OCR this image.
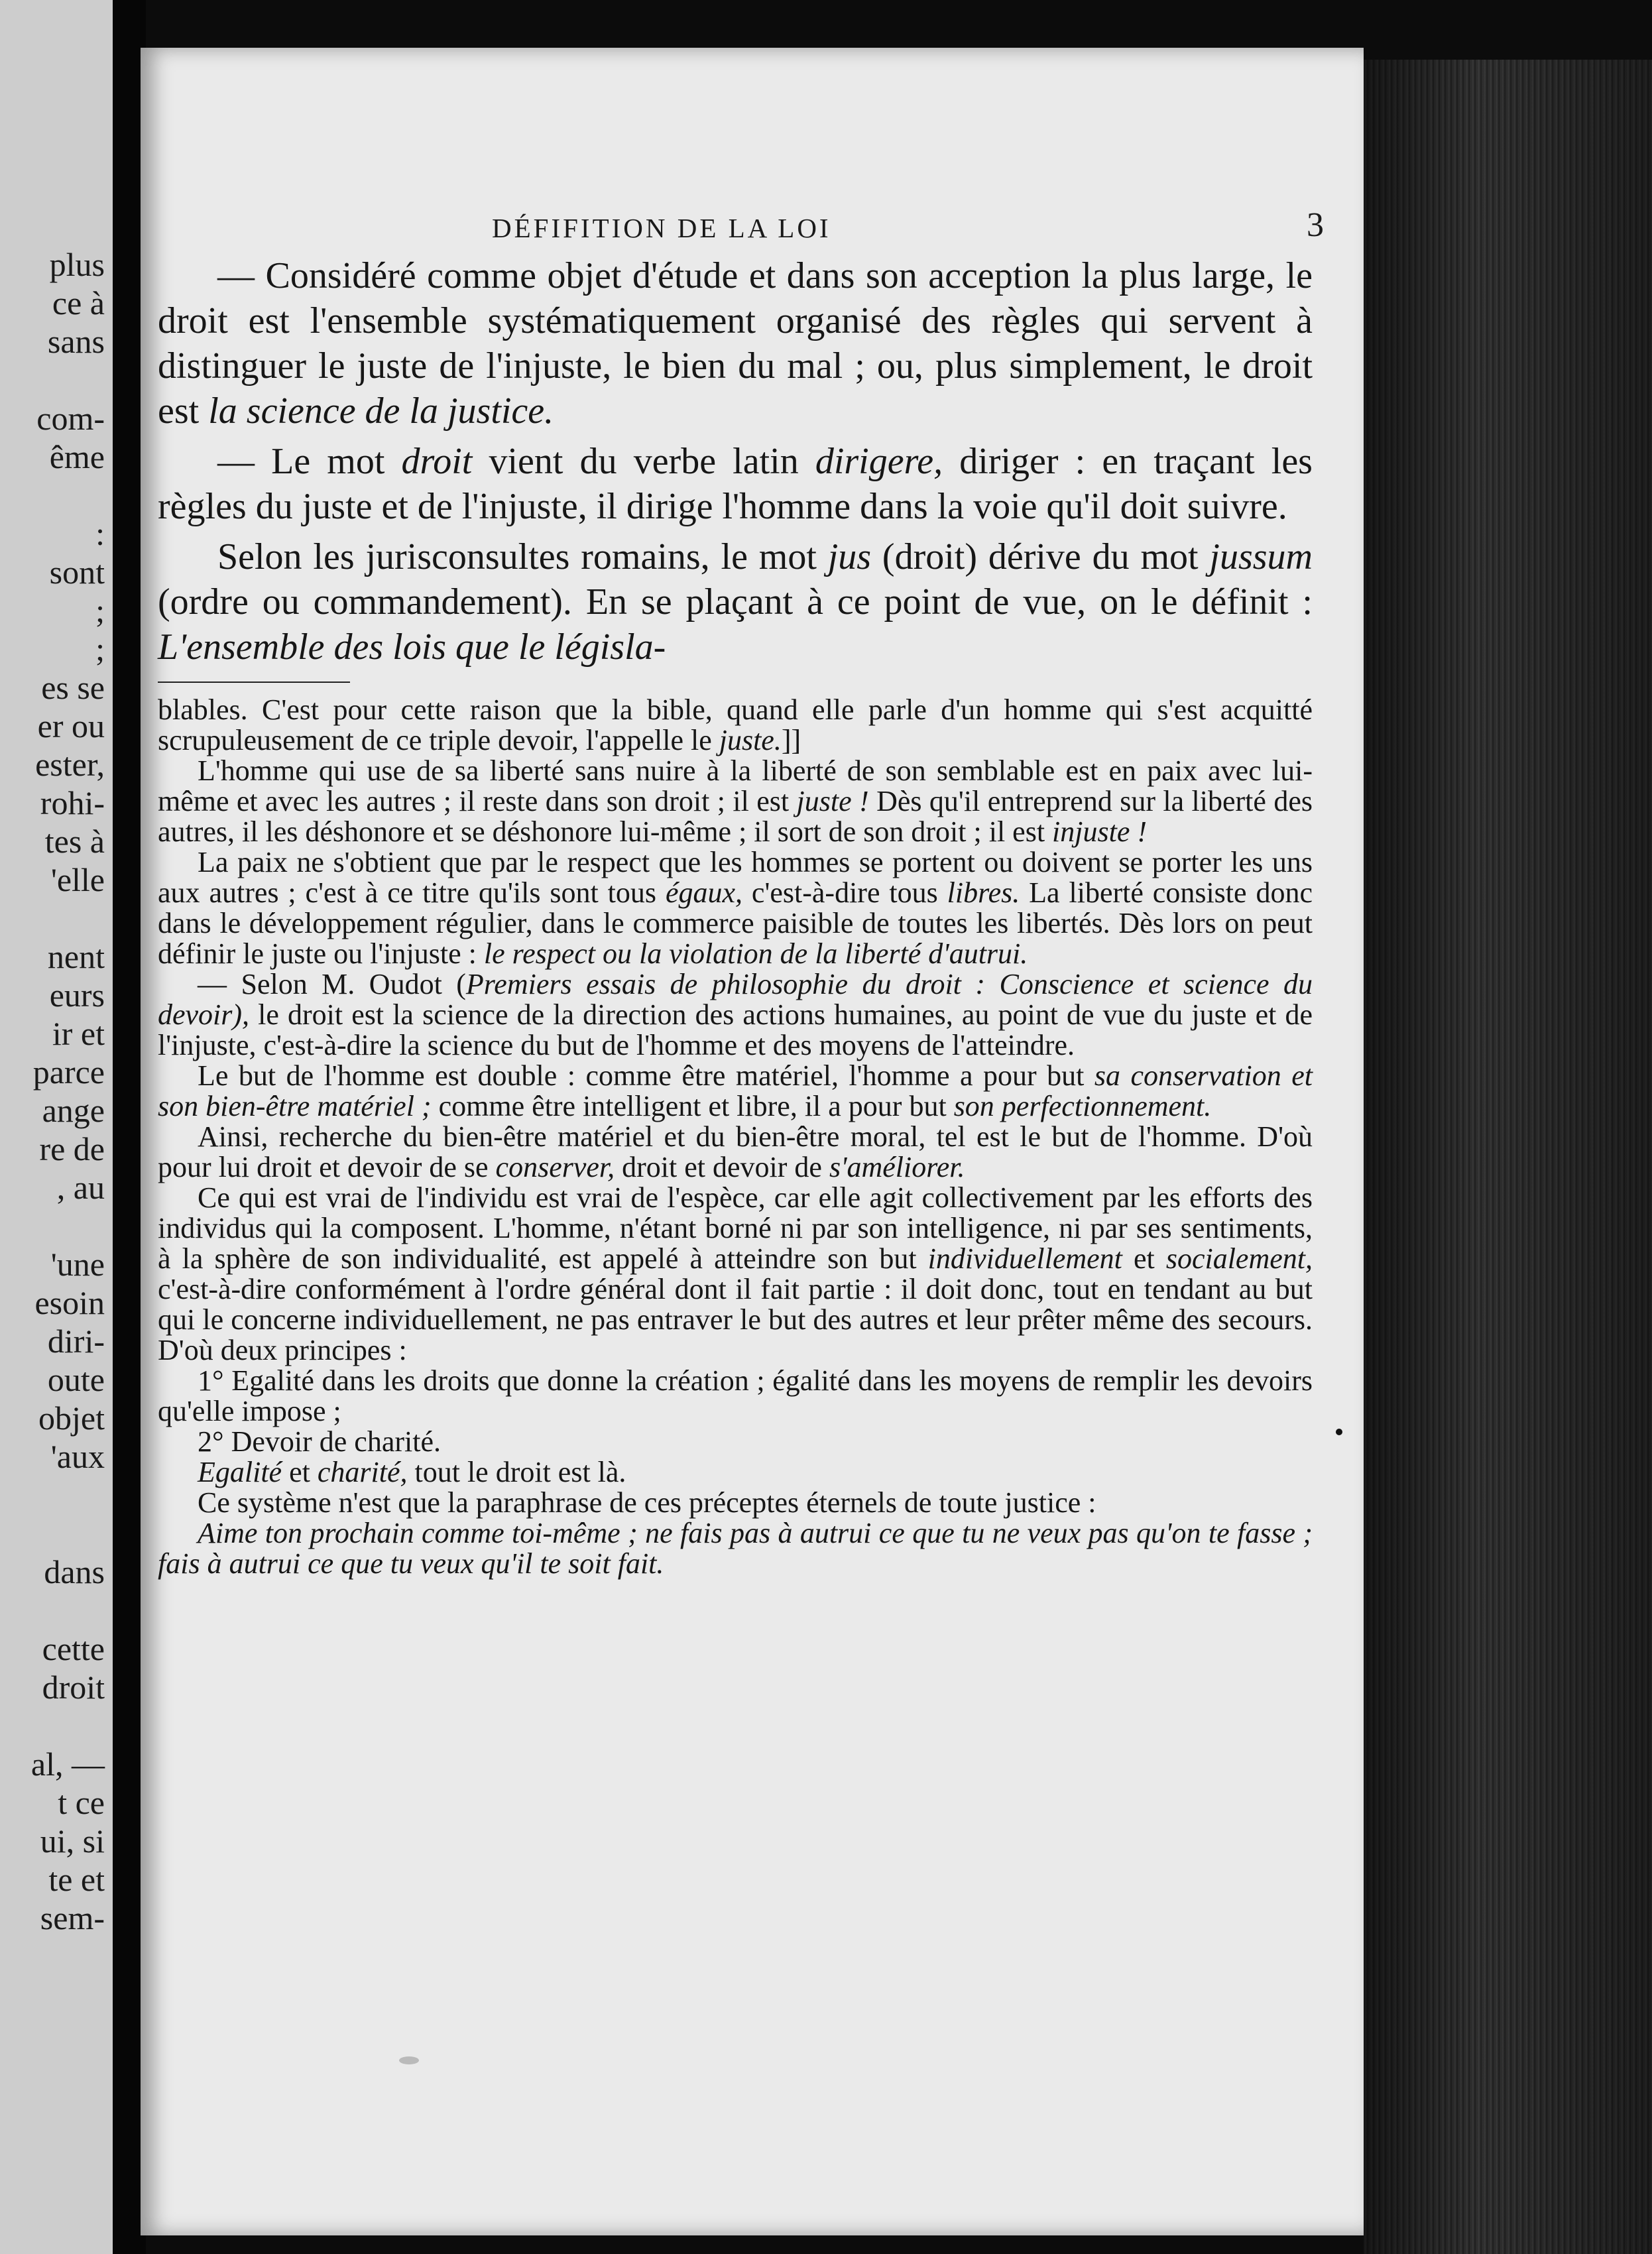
plus
ce à
sans

com-
ême

:
sont
;
;
es se
er ou
ester,
rohi-
tes à
'elle

nent
eurs
ir et
parce
ange
re de
, au

'une
esoin
diri-
oute
objet
'aux

dans

cette
droit

al, —
t ce
ui, si
te et
sem-
DÉFIFITION DE LA LOI	3

— Considéré comme objet d'étude et dans son acception la plus large, le droit est l'ensemble systématiquement organisé des règles qui servent à distinguer le juste de l'injuste, le bien du mal ; ou, plus simplement, le droit est la science de la justice.

— Le mot droit vient du verbe latin dirigere, diriger : en traçant les règles du juste et de l'injuste, il dirige l'homme dans la voie qu'il doit suivre.

Selon les jurisconsultes romains, le mot jus (droit) dérive du mot jussum (ordre ou commandement). En se plaçant à ce point de vue, on le définit : L'ensemble des lois que le législa-

blables. C'est pour cette raison que la bible, quand elle parle d'un homme qui s'est acquitté scrupuleusement de ce triple devoir, l'appelle le juste.]]

L'homme qui use de sa liberté sans nuire à la liberté de son semblable est en paix avec lui-même et avec les autres ; il reste dans son droit ; il est juste ! Dès qu'il entreprend sur la liberté des autres, il les déshonore et se déshonore lui-même ; il sort de son droit ; il est injuste !

La paix ne s'obtient que par le respect que les hommes se portent ou doivent se porter les uns aux autres ; c'est à ce titre qu'ils sont tous égaux, c'est-à-dire tous libres. La liberté consiste donc dans le développement régulier, dans le commerce paisible de toutes les libertés. Dès lors on peut définir le juste ou l'injuste : le respect ou la violation de la liberté d'autrui.

— Selon M. Oudot (Premiers essais de philosophie du droit : Conscience et science du devoir), le droit est la science de la direction des actions humaines, au point de vue du juste et de l'injuste, c'est-à-dire la science du but de l'homme et des moyens de l'atteindre.

Le but de l'homme est double : comme être matériel, l'homme a pour but sa conservation et son bien-être matériel ; comme être intelligent et libre, il a pour but son perfectionnement.

Ainsi, recherche du bien-être matériel et du bien-être moral, tel est le but de l'homme. D'où pour lui droit et devoir de se conserver, droit et devoir de s'améliorer.

Ce qui est vrai de l'individu est vrai de l'espèce, car elle agit collectivement par les efforts des individus qui la composent. L'homme, n'étant borné ni par son intelligence, ni par ses sentiments, à la sphère de son individualité, est appelé à atteindre son but individuellement et socialement, c'est-à-dire conformément à l'ordre général dont il fait partie : il doit donc, tout en tendant au but qui le concerne individuellement, ne pas entraver le but des autres et leur prêter même des secours. D'où deux principes :

1° Egalité dans les droits que donne la création ; égalité dans les moyens de remplir les devoirs qu'elle impose ;

2° Devoir de charité.

Egalité et charité, tout le droit est là.

Ce système n'est que la paraphrase de ces préceptes éternels de toute justice :

Aime ton prochain comme toi-même ; ne fais pas à autrui ce que tu ne veux pas qu'on te fasse ; fais à autrui ce que tu veux qu'il te soit fait.
